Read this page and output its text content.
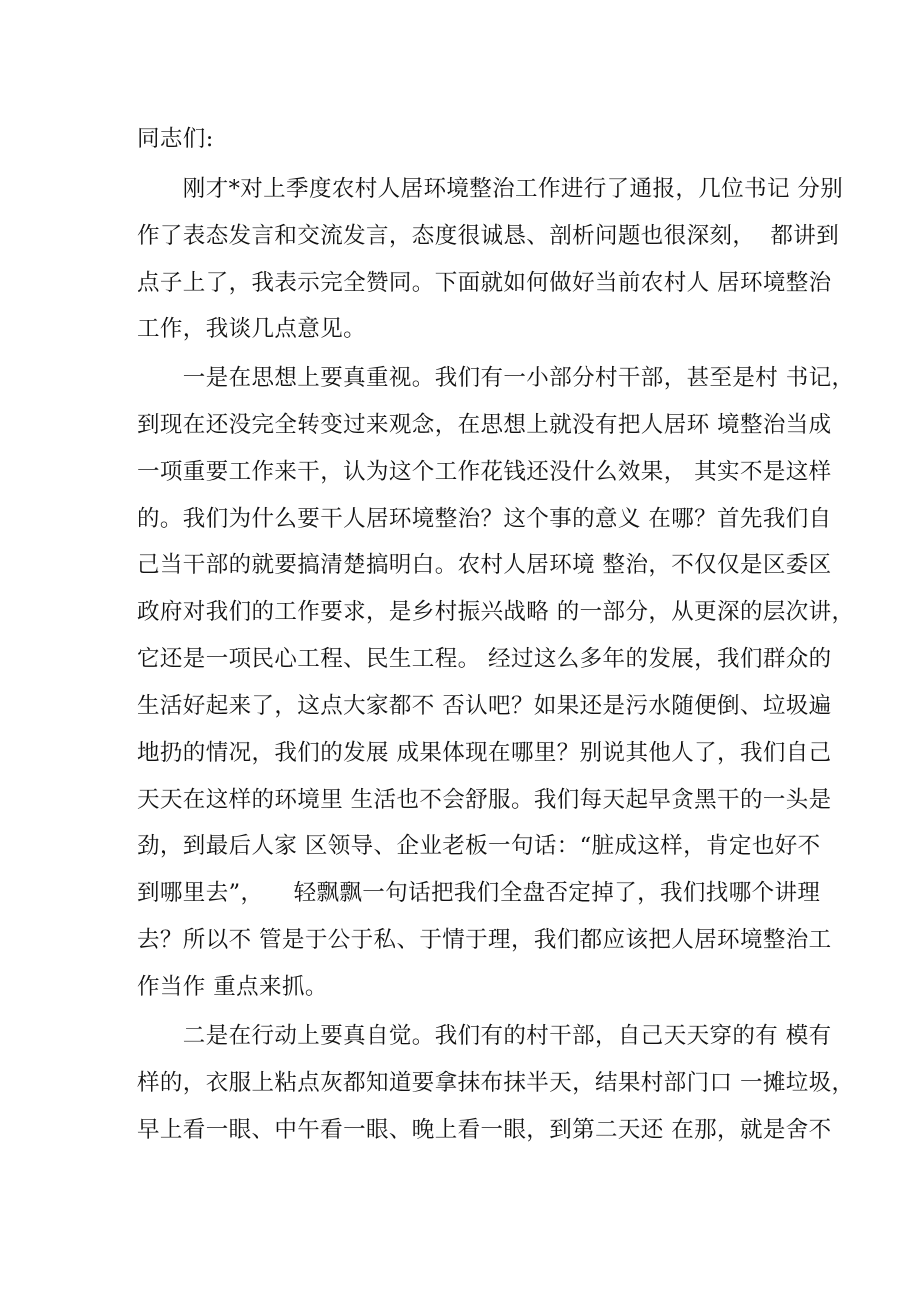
同志们:
　　刚才*对上季度农村人居环境整治工作进行了通报，几位书记 分别
作了表态发言和交流发言，态度很诚恳、剖析问题也很深刻，  都讲到
点子上了，我表示完全赞同。下面就如何做好当前农村人 居环境整治
工作，我谈几点意见。
　　一是在思想上要真重视。我们有一小部分村干部，甚至是村 书记，
到现在还没完全转变过来观念，在思想上就没有把人居环 境整治当成
一项重要工作来干，认为这个工作花钱还没什么效果， 其实不是这样
的。我们为什么要干人居环境整治？这个事的意义 在哪？首先我们自
己当干部的就要搞清楚搞明白。农村人居环境 整治，不仅仅是区委区
政府对我们的工作要求，是乡村振兴战略 的一部分，从更深的层次讲，
它还是一项民心工程、民生工程。 经过这么多年的发展，我们群众的
生活好起来了，这点大家都不 否认吧？如果还是污水随便倒、垃圾遍
地扔的情况，我们的发展 成果体现在哪里？别说其他人了，我们自己
天天在这样的环境里 生活也不会舒服。我们每天起早贪黑干的一头是
劲，到最后人家 区领导、企业老板一句话：“脏成这样，肯定也好不
到哪里去”，    轻飘飘一句话把我们全盘否定掉了，我们找哪个讲理
去？所以不 管是于公于私、于情于理，我们都应该把人居环境整治工
作当作 重点来抓。
　　二是在行动上要真自觉。我们有的村干部，自己天天穿的有 模有
样的，衣服上粘点灰都知道要拿抹布抹半天，结果村部门口 一摊垃圾，
早上看一眼、中午看一眼、晚上看一眼，到第二天还 在那，就是舍不
